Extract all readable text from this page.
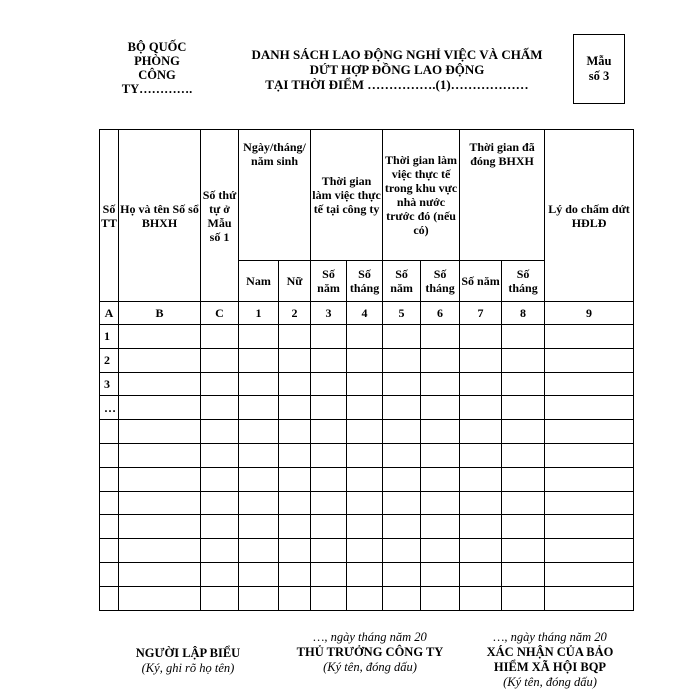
BỘ QUỐC
PHÒNG
CÔNG
TY………….
DANH SÁCH LAO ĐỘNG NGHỈ VIỆC VÀ CHẤM
DỨT HỢP ĐỒNG LAO ĐỘNG
TẠI THỜI ĐIỂM …………….(1)………………
Mẫu
số 3
Số TT	Họ và tên Số sổ BHXH	Số thứ tự ở Mẫu số 1	Ngày/tháng/ năm sinh		Thời gian làm việc thực tế tại công ty		Thời gian làm việc thực tế trong khu vực nhà nước trước đó (nếu có)		Thời gian đã đóng BHXH		Lý do chấm dứt HĐLĐ
			Nam	Nữ	Số năm	Số tháng	Số năm	Số tháng	Số năm	Số tháng	
A	B	C	1	2	3	4	5	6	7	8	9
1											
2											
3											
…											

NGƯỜI LẬP BIỂU
(Ký, ghi rõ họ tên)
…, ngày tháng năm 20
THỦ TRƯỞNG CÔNG TY
(Ký tên, đóng dấu)
…, ngày tháng năm 20
XÁC NHẬN CỦA BẢO
HIỂM XÃ HỘI BQP
(Ký tên, đóng dấu)
